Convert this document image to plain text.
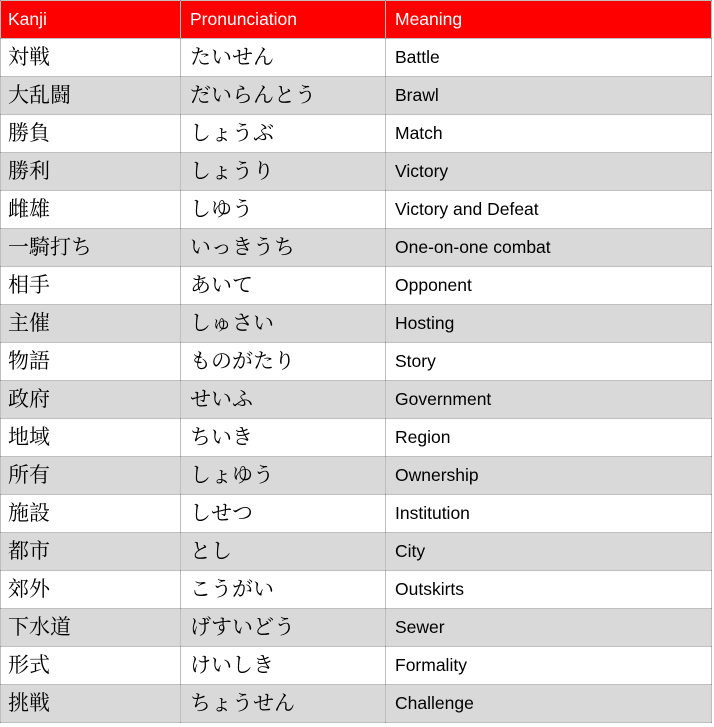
Kanji	Pronunciation	Meaning
対戦	たいせん	Battle
大乱闘	だいらんとう	Brawl
勝負	しょうぶ	Match
勝利	しょうり	Victory
雌雄	しゆう	Victory and Defeat
一騎打ち	いっきうち	One-on-one combat
相手	あいて	Opponent
主催	しゅさい	Hosting
物語	ものがたり	Story
政府	せいふ	Government
地域	ちいき	Region
所有	しょゆう	Ownership
施設	しせつ	Institution
都市	とし	City
郊外	こうがい	Outskirts
下水道	げすいどう	Sewer
形式	けいしき	Formality
挑戦	ちょうせん	Challenge
